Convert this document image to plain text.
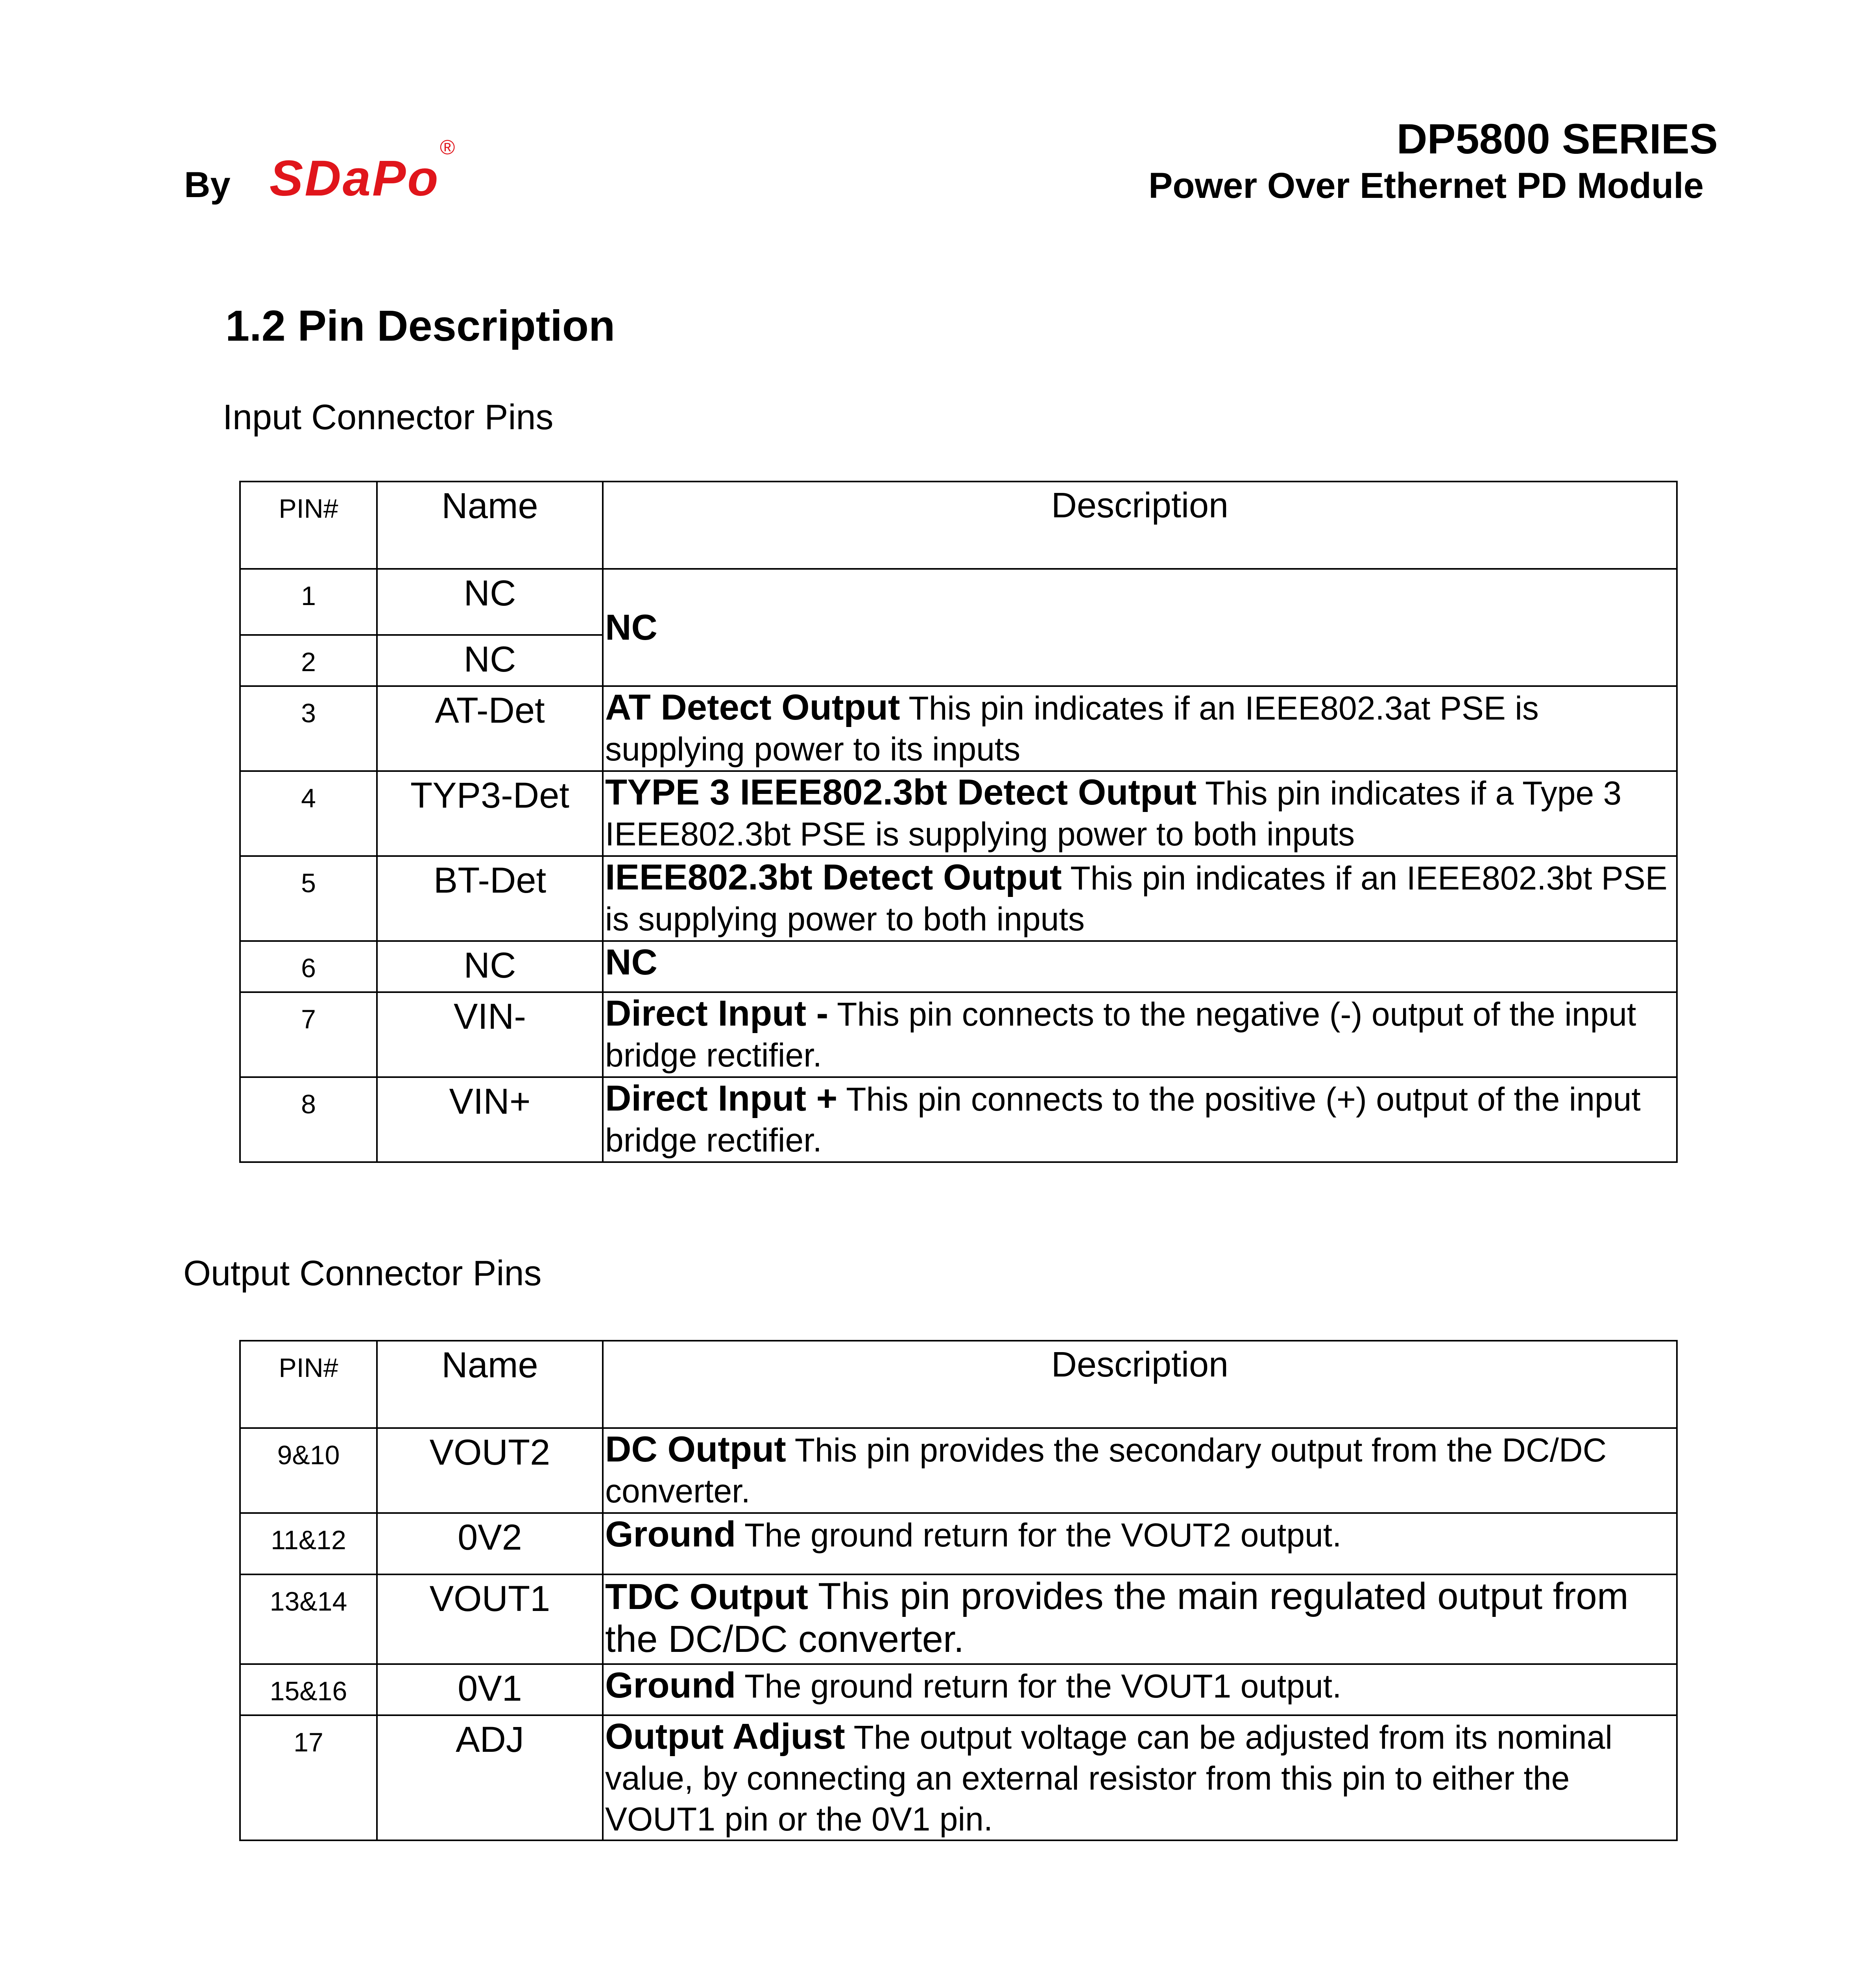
By SDaPo
®	DP5800 SERIES
Power Over Ethernet PD Module
1.2 Pin Description
Input Connector Pins
PIN#	Name	Description
1	NC	NC
2	NC	
3	AT-Det	AT Detect Output This pin indicates if an IEEE802.3at PSE is supplying power to its inputs
4	TYP3-Det	TYPE 3 IEEE802.3bt Detect Output This pin indicates if a Type 3 IEEE802.3bt PSE is supplying power to both inputs
5	BT-Det	IEEE802.3bt Detect Output This pin indicates if an IEEE802.3bt PSE is supplying power to both inputs
6	NC	NC
7	VIN-	Direct Input - This pin connects to the negative (-) output of the input bridge rectifier.
8	VIN+	Direct Input + This pin connects to the positive (+) output of the input bridge rectifier.
Output Connector Pins
PIN#	Name	Description
9&10	VOUT2	DC Output This pin provides the secondary output from the DC/DC converter.
11&12	0V2	Ground The ground return for the VOUT2 output.
13&14	VOUT1	TDC Output This pin provides the main regulated output from the DC/DC converter.
15&16	0V1	Ground The ground return for the VOUT1 output.
17	ADJ	Output Adjust The output voltage can be adjusted from its nominal value, by connecting an external resistor from this pin to either the VOUT1 pin or the 0V1 pin.
